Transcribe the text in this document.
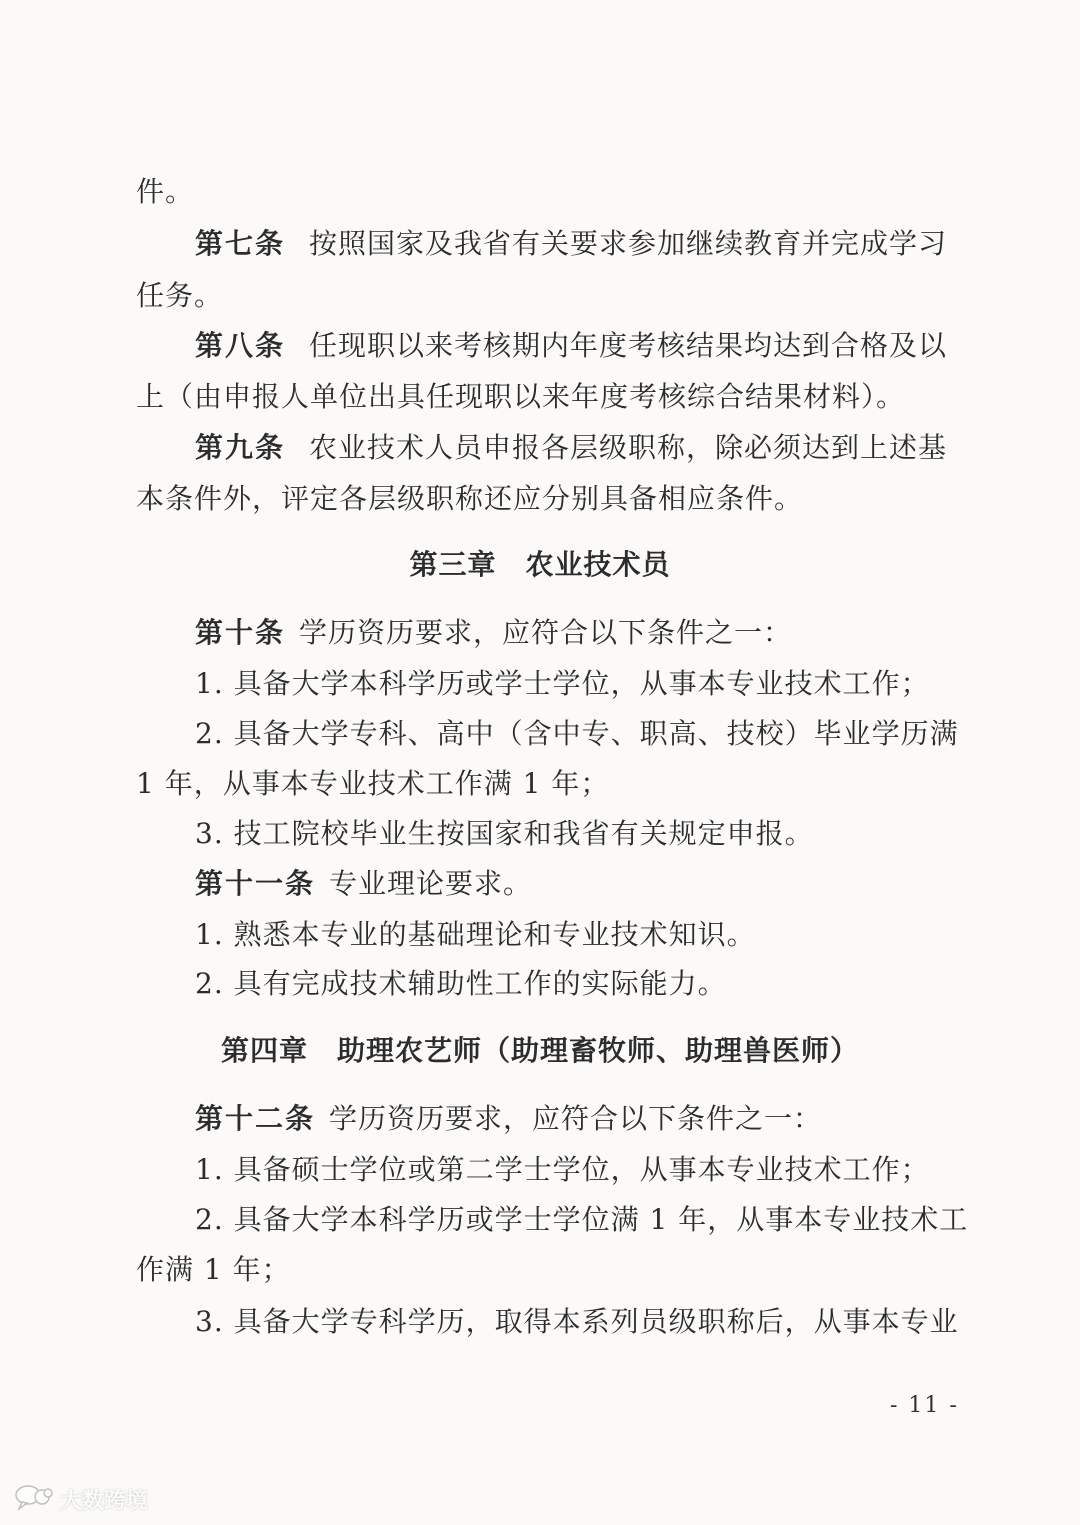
件。
第七条 按照国家及我省有关要求参加继续教育并完成学习
任务。
第八条 任现职以来考核期内年度考核结果均达到合格及以
上（由申报人单位出具任现职以来年度考核综合结果材料）。
第九条 农业技术人员申报各层级职称，除必须达到上述基
本条件外，评定各层级职称还应分别具备相应条件。
第三章　农业技术员
第十条 学历资历要求，应符合以下条件之一：
1. 具备大学本科学历或学士学位，从事本专业技术工作；
2. 具备大学专科、高中（含中专、职高、技校）毕业学历满
1 年，从事本专业技术工作满 1 年；
3. 技工院校毕业生按国家和我省有关规定申报。
第十一条 专业理论要求。
1. 熟悉本专业的基础理论和专业技术知识。
2. 具有完成技术辅助性工作的实际能力。
第四章　助理农艺师（助理畜牧师、助理兽医师）
第十二条 学历资历要求，应符合以下条件之一：
1. 具备硕士学位或第二学士学位，从事本专业技术工作；
2. 具备大学本科学历或学士学位满 1 年，从事本专业技术工
作满 1 年；
3. 具备大学专科学历，取得本系列员级职称后，从事本专业
- 11 -
大数跨境
